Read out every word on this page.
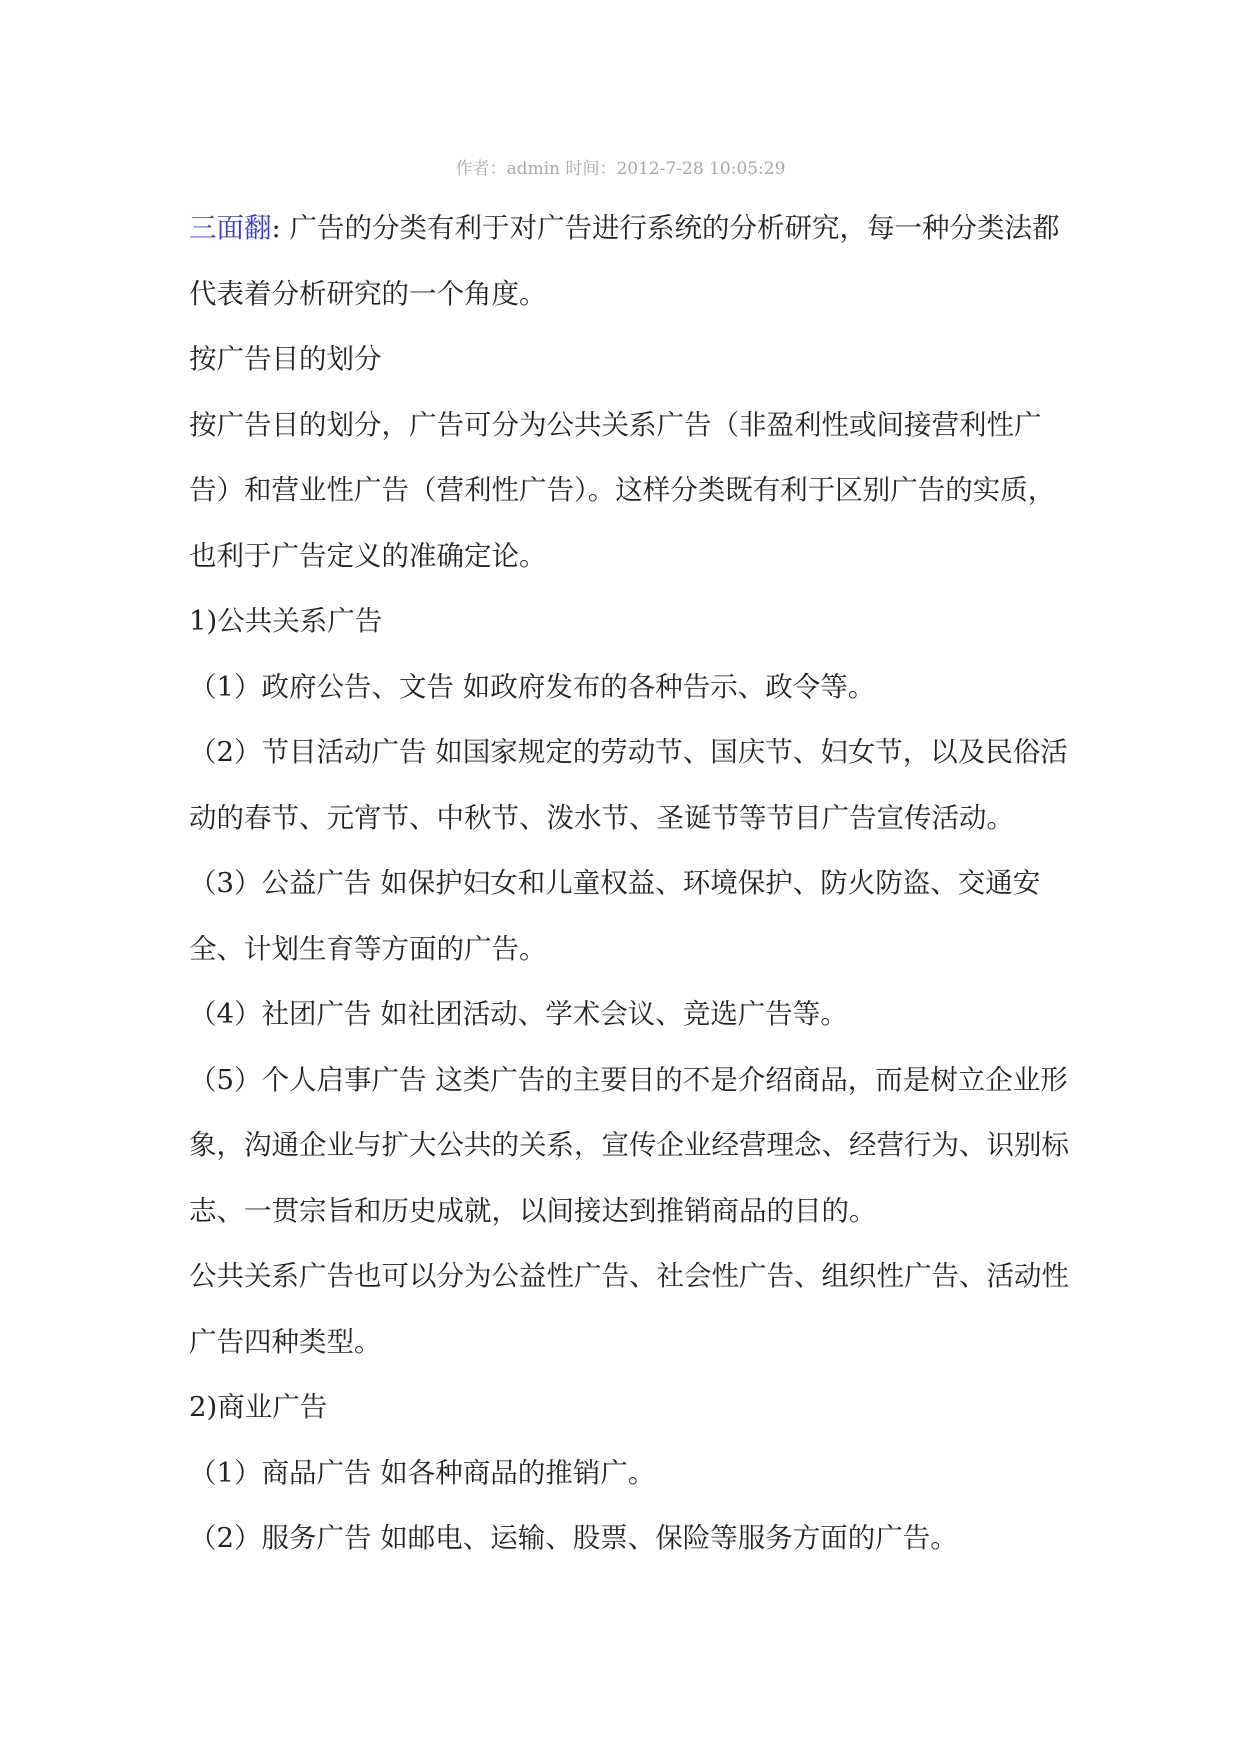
作者：admin 时间：2012-7-28 10:05:29

三面翻: 广告的分类有利于对广告进行系统的分析研究，每一种分类法都代表着分析研究的一个角度。

按广告目的划分

按广告目的划分，广告可分为公共关系广告（非盈利性或间接营利性广告）和营业性广告（营利性广告）。这样分类既有利于区别广告的实质，也利于广告定义的准确定论。

1)公共关系广告

（1）政府公告、文告 如政府发布的各种告示、政令等。

（2）节目活动广告 如国家规定的劳动节、国庆节、妇女节，以及民俗活动的春节、元宵节、中秋节、泼水节、圣诞节等节目广告宣传活动。

（3）公益广告 如保护妇女和儿童权益、环境保护、防火防盗、交通安全、计划生育等方面的广告。

（4）社团广告 如社团活动、学术会议、竞选广告等。

（5）个人启事广告 这类广告的主要目的不是介绍商品，而是树立企业形象，沟通企业与扩大公共的关系，宣传企业经营理念、经营行为、识别标志、一贯宗旨和历史成就，以间接达到推销商品的目的。

公共关系广告也可以分为公益性广告、社会性广告、组织性广告、活动性广告四种类型。

2)商业广告

（1）商品广告 如各种商品的推销广。

（2）服务广告 如邮电、运输、股票、保险等服务方面的广告。
